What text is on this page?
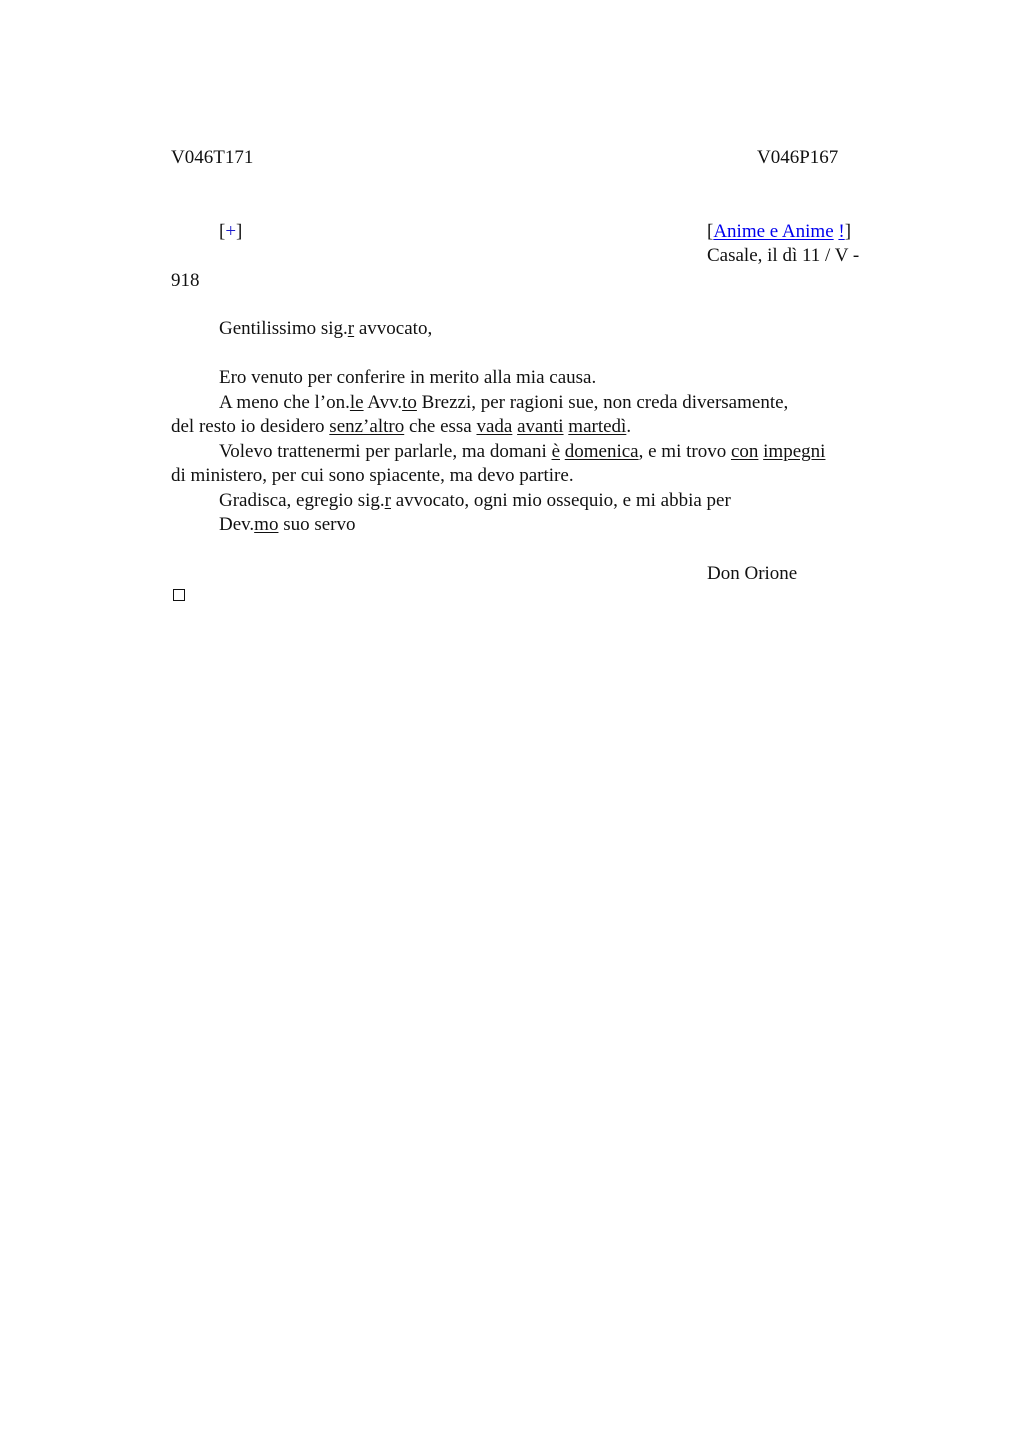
V046T171	V046P167
[+]	[Anime e Anime !]
Casale, il dì 11 / V -
918
Gentilissimo sig.r avvocato,
Ero venuto per conferire in merito alla mia causa.
A meno che l’on.le Avv.to Brezzi, per ragioni sue, non creda diversamente,
del resto io desidero senz’altro che essa vada avanti martedì.
Volevo trattenermi per parlarle, ma domani è domenica, e mi trovo con impegni
di ministero, per cui sono spiacente, ma devo partire.
Gradisca, egregio sig.r avvocato, ogni mio ossequio, e mi abbia per
Dev.mo suo servo
Don Orione
